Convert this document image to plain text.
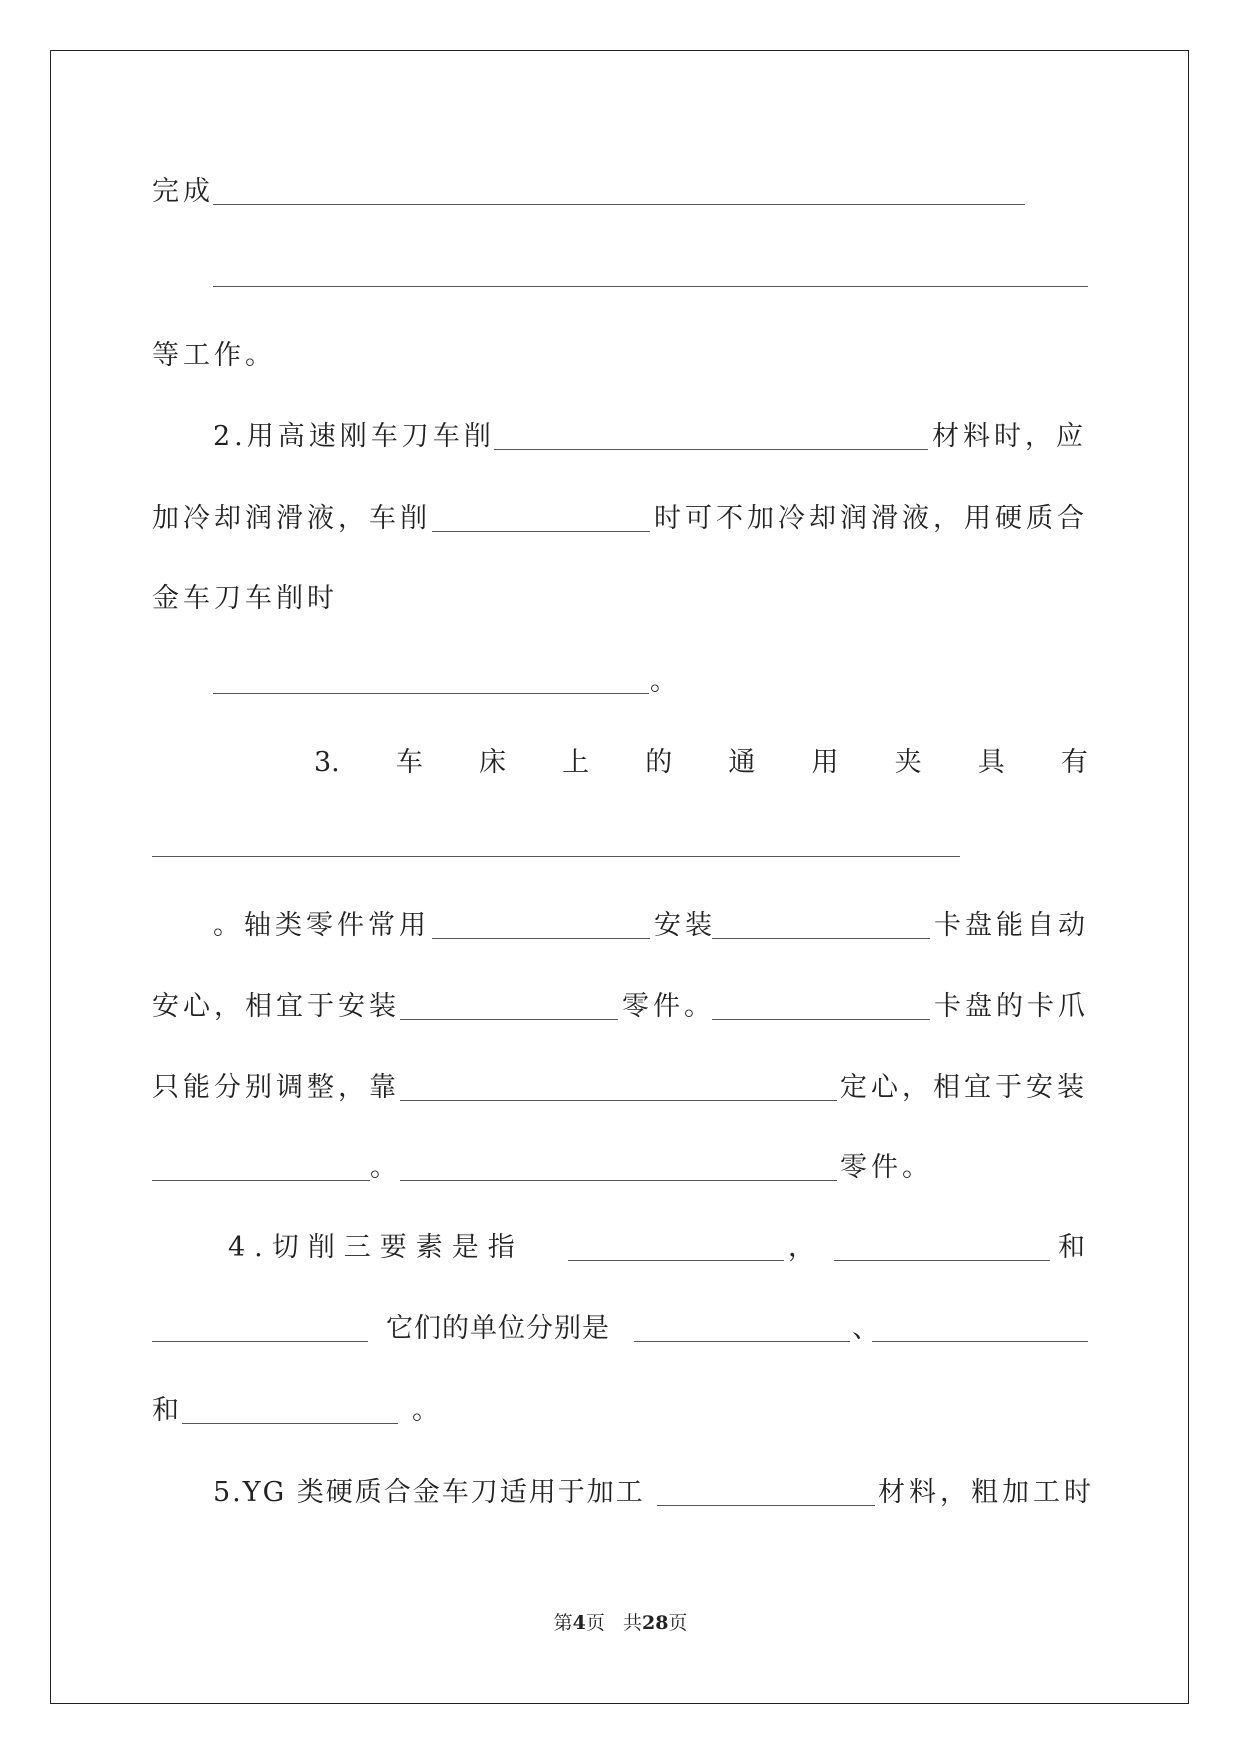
完成
等工作。
2.用高速刚车刀车削	材料时，应
加冷却润滑液，车削	时可不加冷却润滑液，用硬质合
金车刀车削时
。
3. 车 床 上 的 通 用 夹 具 有
。轴类零件常用	安装	卡盘能自动
安心，相宜于安装	零件。	卡盘的卡爪
只能分别调整，靠	定心，相宜于安装
。	零件。
4.切削三要素是指	，	和
它们的单位分别是	、
和	。
5.YG 类硬质合金车刀适用于加工	材料，粗加工时
第4页 共28页
